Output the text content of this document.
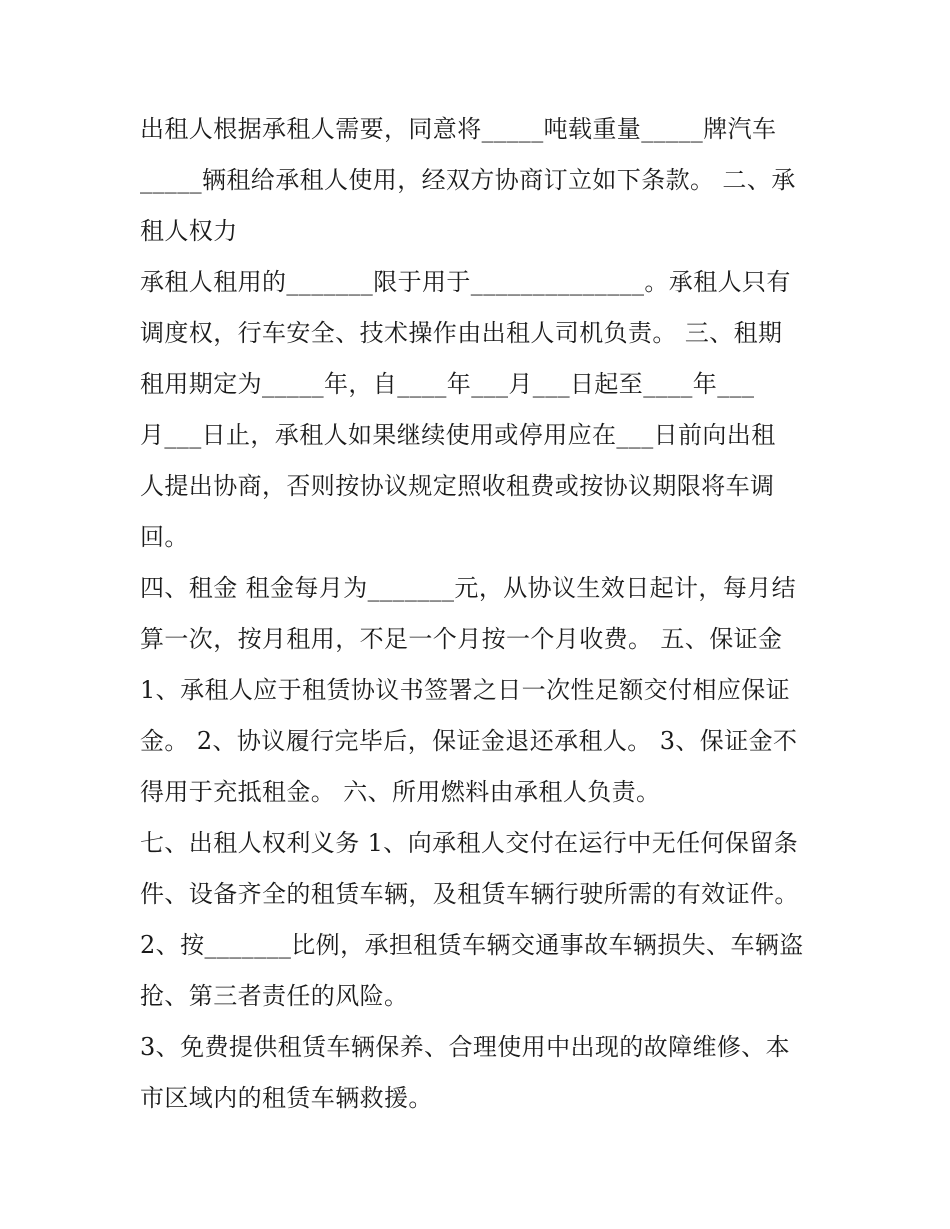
出租人根据承租人需要，同意将_____吨载重量_____牌汽车
_____辆租给承租人使用，经双方协商订立如下条款。 二、承
租人权力
承租人租用的_______限于用于______________。承租人只有
调度权，行车安全、技术操作由出租人司机负责。 三、租期
租用期定为_____年，自____年___月___日起至____年___
月___日止，承租人如果继续使用或停用应在___日前向出租
人提出协商，否则按协议规定照收租费或按协议期限将车调
回。
四、租金 租金每月为_______元，从协议生效日起计，每月结
算一次，按月租用，不足一个月按一个月收费。 五、保证金
1、承租人应于租赁协议书签署之日一次性足额交付相应保证
金。 2、协议履行完毕后，保证金退还承租人。 3、保证金不
得用于充抵租金。 六、所用燃料由承租人负责。
七、出租人权利义务 1、向承租人交付在运行中无任何保留条
件、设备齐全的租赁车辆，及租赁车辆行驶所需的有效证件。
2、按_______比例，承担租赁车辆交通事故车辆损失、车辆盗
抢、第三者责任的风险。
3、免费提供租赁车辆保养、合理使用中出现的故障维修、本
市区域内的租赁车辆救援。
